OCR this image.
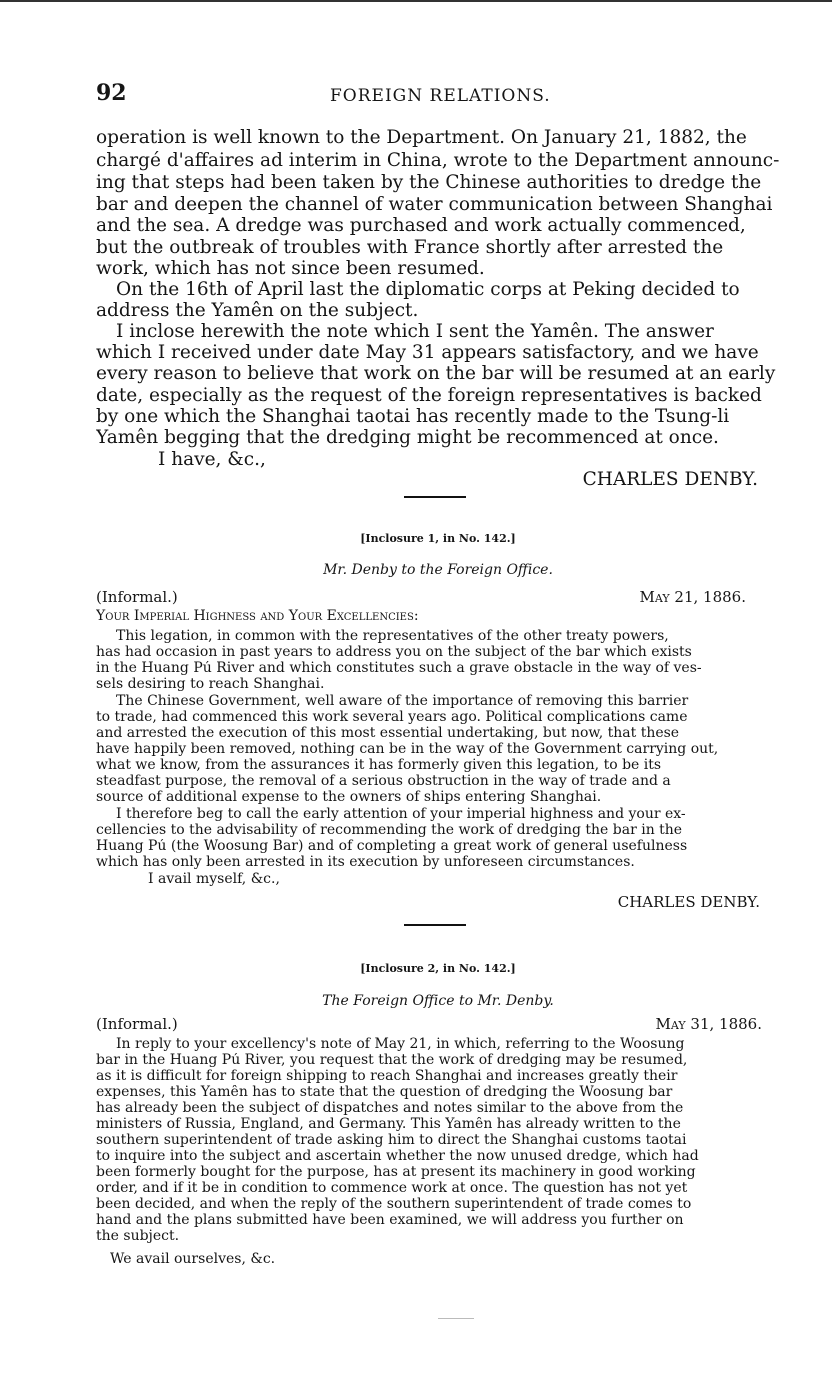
92	FOREIGN RELATIONS.
operation is well known to the Department. On January 21, 1882, the
chargé d'affaires ad interim in China, wrote to the Department announc-
ing that steps had been taken by the Chinese authorities to dredge the
bar and deepen the channel of water communication between Shanghai
and the sea. A dredge was purchased and work actually commenced,
but the outbreak of troubles with France shortly after arrested the
work, which has not since been resumed.
On the 16th of April last the diplomatic corps at Peking decided to
address the Yamên on the subject.
I inclose herewith the note which I sent the Yamên. The answer
which I received under date May 31 appears satisfactory, and we have
every reason to believe that work on the bar will be resumed at an early
date, especially as the request of the foreign representatives is backed
by one which the Shanghai taotai has recently made to the Tsung-li
Yamên begging that the dredging might be recommenced at once.
I have, &c.,
CHARLES DENBY.
[Inclosure 1, in No. 142.]
Mr. Denby to the Foreign Office.
(Informal.)	May 21, 1886.
Your Imperial Highness and Your Excellencies:
This legation, in common with the representatives of the other treaty powers,
has had occasion in past years to address you on the subject of the bar which exists
in the Huang Pú River and which constitutes such a grave obstacle in the way of ves-
sels desiring to reach Shanghai.
The Chinese Government, well aware of the importance of removing this barrier
to trade, had commenced this work several years ago. Political complications came
and arrested the execution of this most essential undertaking, but now, that these
have happily been removed, nothing can be in the way of the Government carrying out,
what we know, from the assurances it has formerly given this legation, to be its
steadfast purpose, the removal of a serious obstruction in the way of trade and a
source of additional expense to the owners of ships entering Shanghai.
I therefore beg to call the early attention of your imperial highness and your ex-
cellencies to the advisability of recommending the work of dredging the bar in the
Huang Pú (the Woosung Bar) and of completing a great work of general usefulness
which has only been arrested in its execution by unforeseen circumstances.
I avail myself, &c.,
CHARLES DENBY.
[Inclosure 2, in No. 142.]
The Foreign Office to Mr. Denby.
(Informal.)	May 31, 1886.
In reply to your excellency's note of May 21, in which, referring to the Woosung
bar in the Huang Pú River, you request that the work of dredging may be resumed,
as it is difficult for foreign shipping to reach Shanghai and increases greatly their
expenses, this Yamên has to state that the question of dredging the Woosung bar
has already been the subject of dispatches and notes similar to the above from the
ministers of Russia, England, and Germany. This Yamên has already written to the
southern superintendent of trade asking him to direct the Shanghai customs taotai
to inquire into the subject and ascertain whether the now unused dredge, which had
been formerly bought for the purpose, has at present its machinery in good working
order, and if it be in condition to commence work at once. The question has not yet
been decided, and when the reply of the southern superintendent of trade comes to
hand and the plans submitted have been examined, we will address you further on
the subject.
We avail ourselves, &c.
